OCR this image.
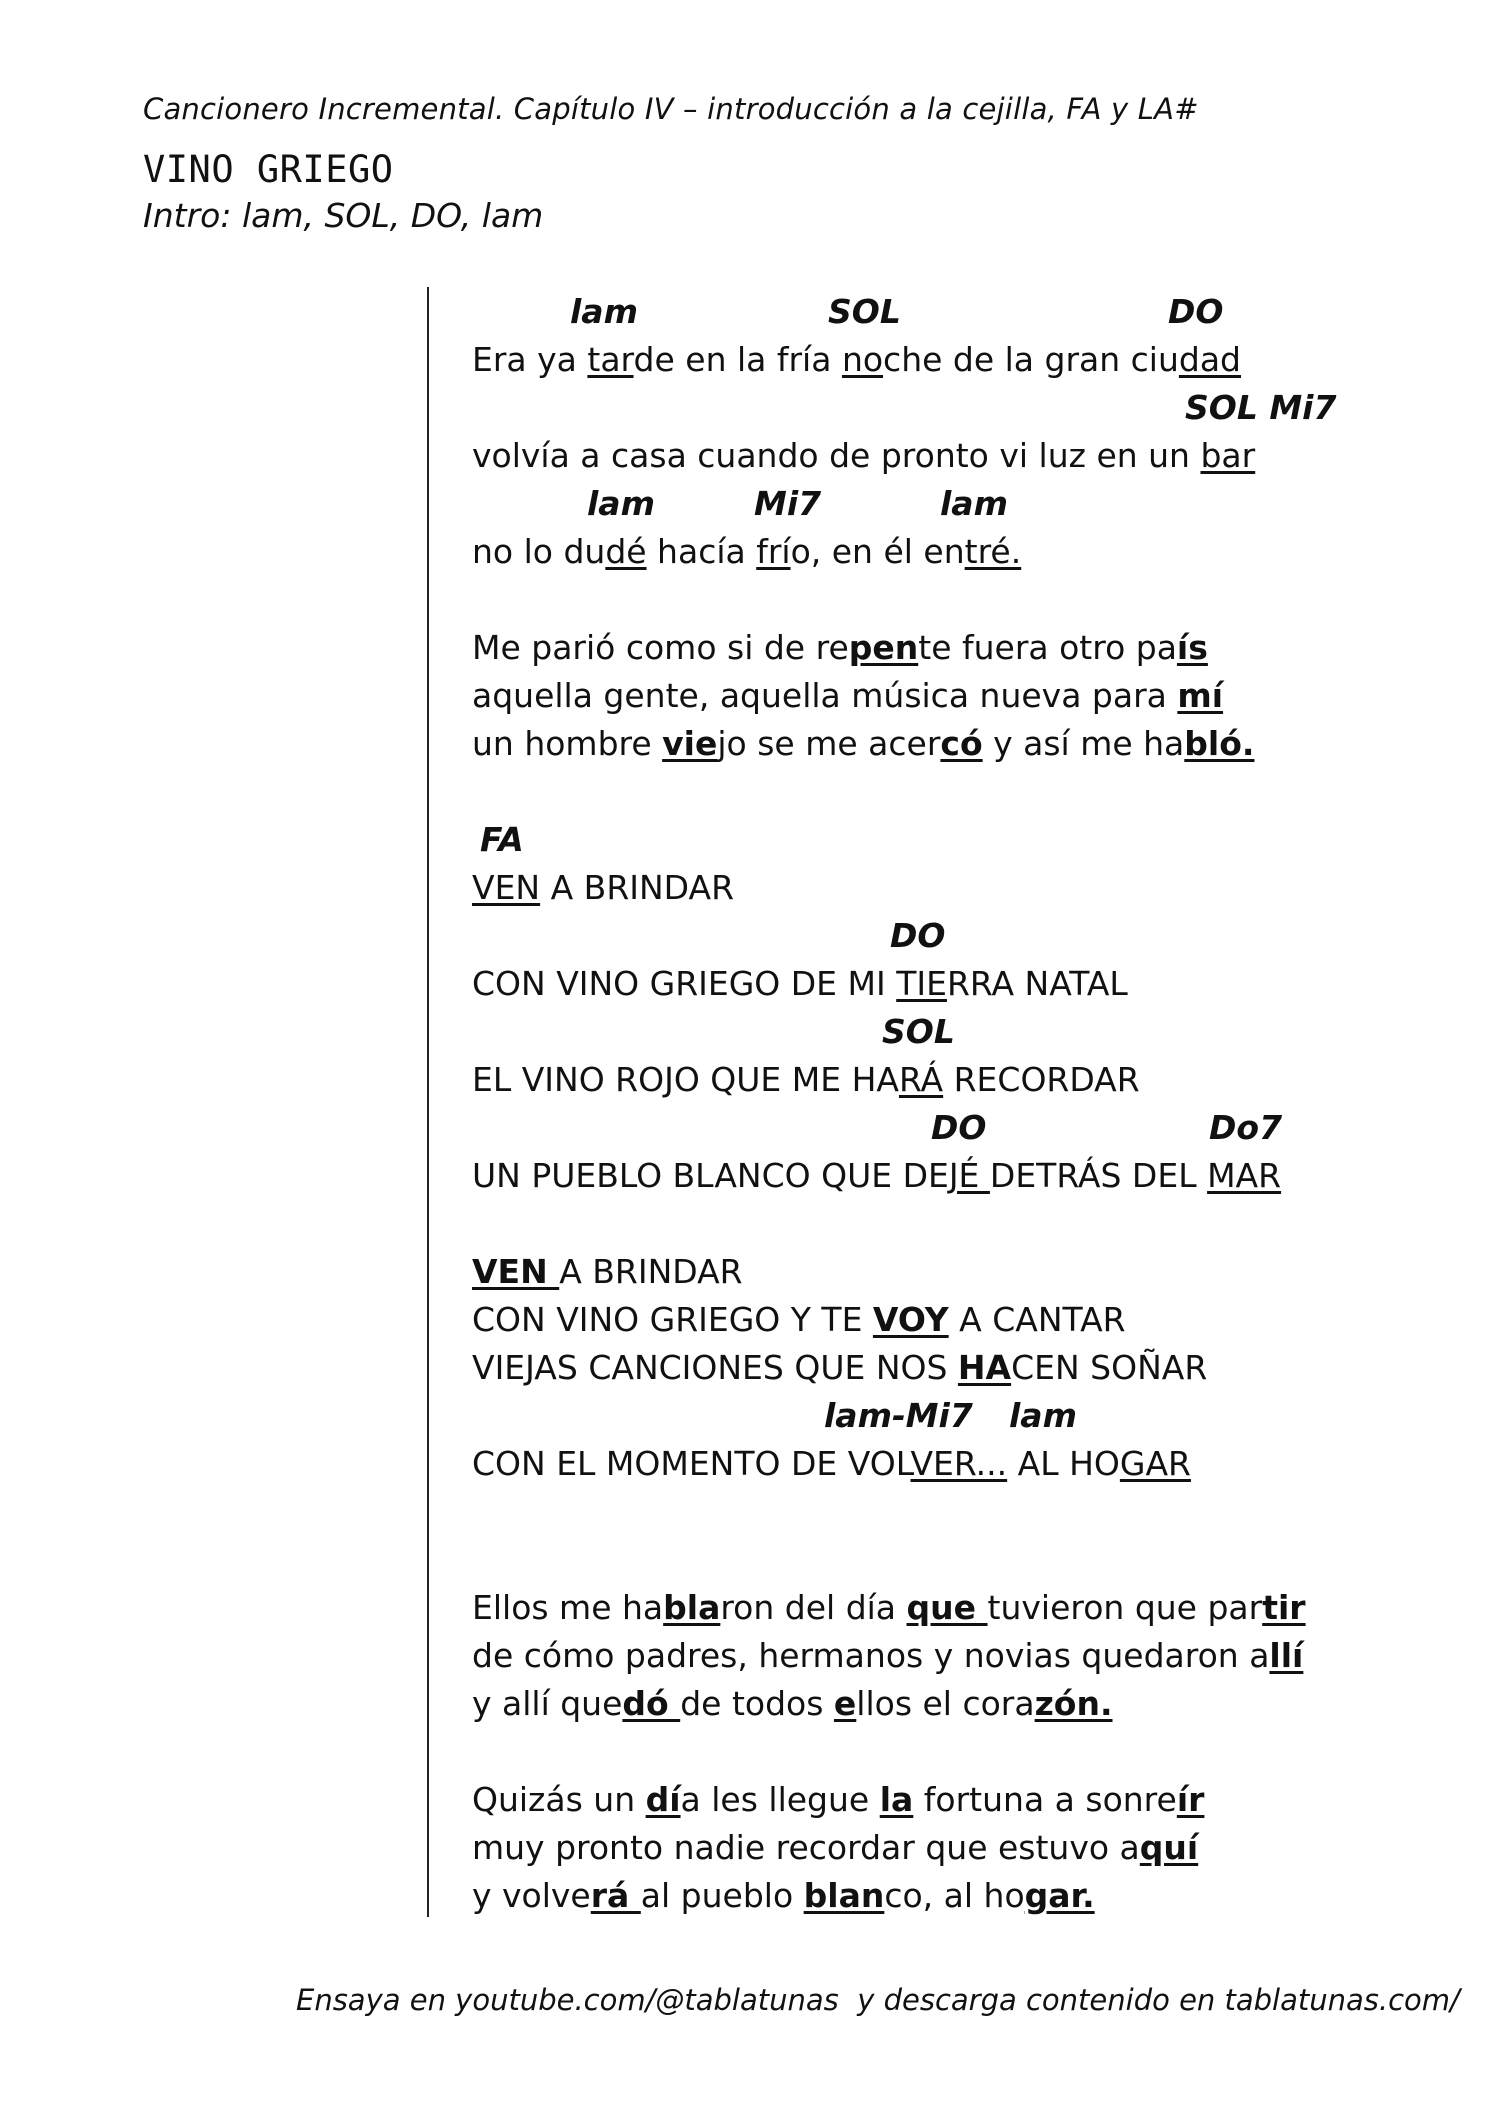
Cancionero Incremental. Capítulo IV – introducción a la cejilla, FA y LA#
VINO GRIEGO
Intro: lam, SOL, DO, lam
lam	SOL	DO
Era ya tarde en la fría noche de la gran ciudad
SOL Mi7
volvía a casa cuando de pronto vi luz en un bar
lam	Mi7	lam
no lo dudé hacía frío, en él entré.
Me parió como si de repente fuera otro país
aquella gente, aquella música nueva para mí
un hombre viejo se me acercó y así me habló.
FA
VEN A BRINDAR
DO
CON VINO GRIEGO DE MI TIERRA NATAL
SOL
EL VINO ROJO QUE ME HARÁ RECORDAR
DO	Do7
UN PUEBLO BLANCO QUE DEJÉ DETRÁS DEL MAR
VEN A BRINDAR
CON VINO GRIEGO Y TE VOY A CANTAR
VIEJAS CANCIONES QUE NOS HACEN SOÑAR
lam-Mi7 lam
CON EL MOMENTO DE VOLVER... AL HOGAR
Ellos me hablaron del día que tuvieron que partir
de cómo padres, hermanos y novias quedaron allí
y allí quedó de todos ellos el corazón.
Quizás un día les llegue la fortuna a sonreír
muy pronto nadie recordar que estuvo aquí
y volverá al pueblo blanco, al hogar.
Ensaya en youtube.com/@tablatunas  y descarga contenido en tablatunas.com/
